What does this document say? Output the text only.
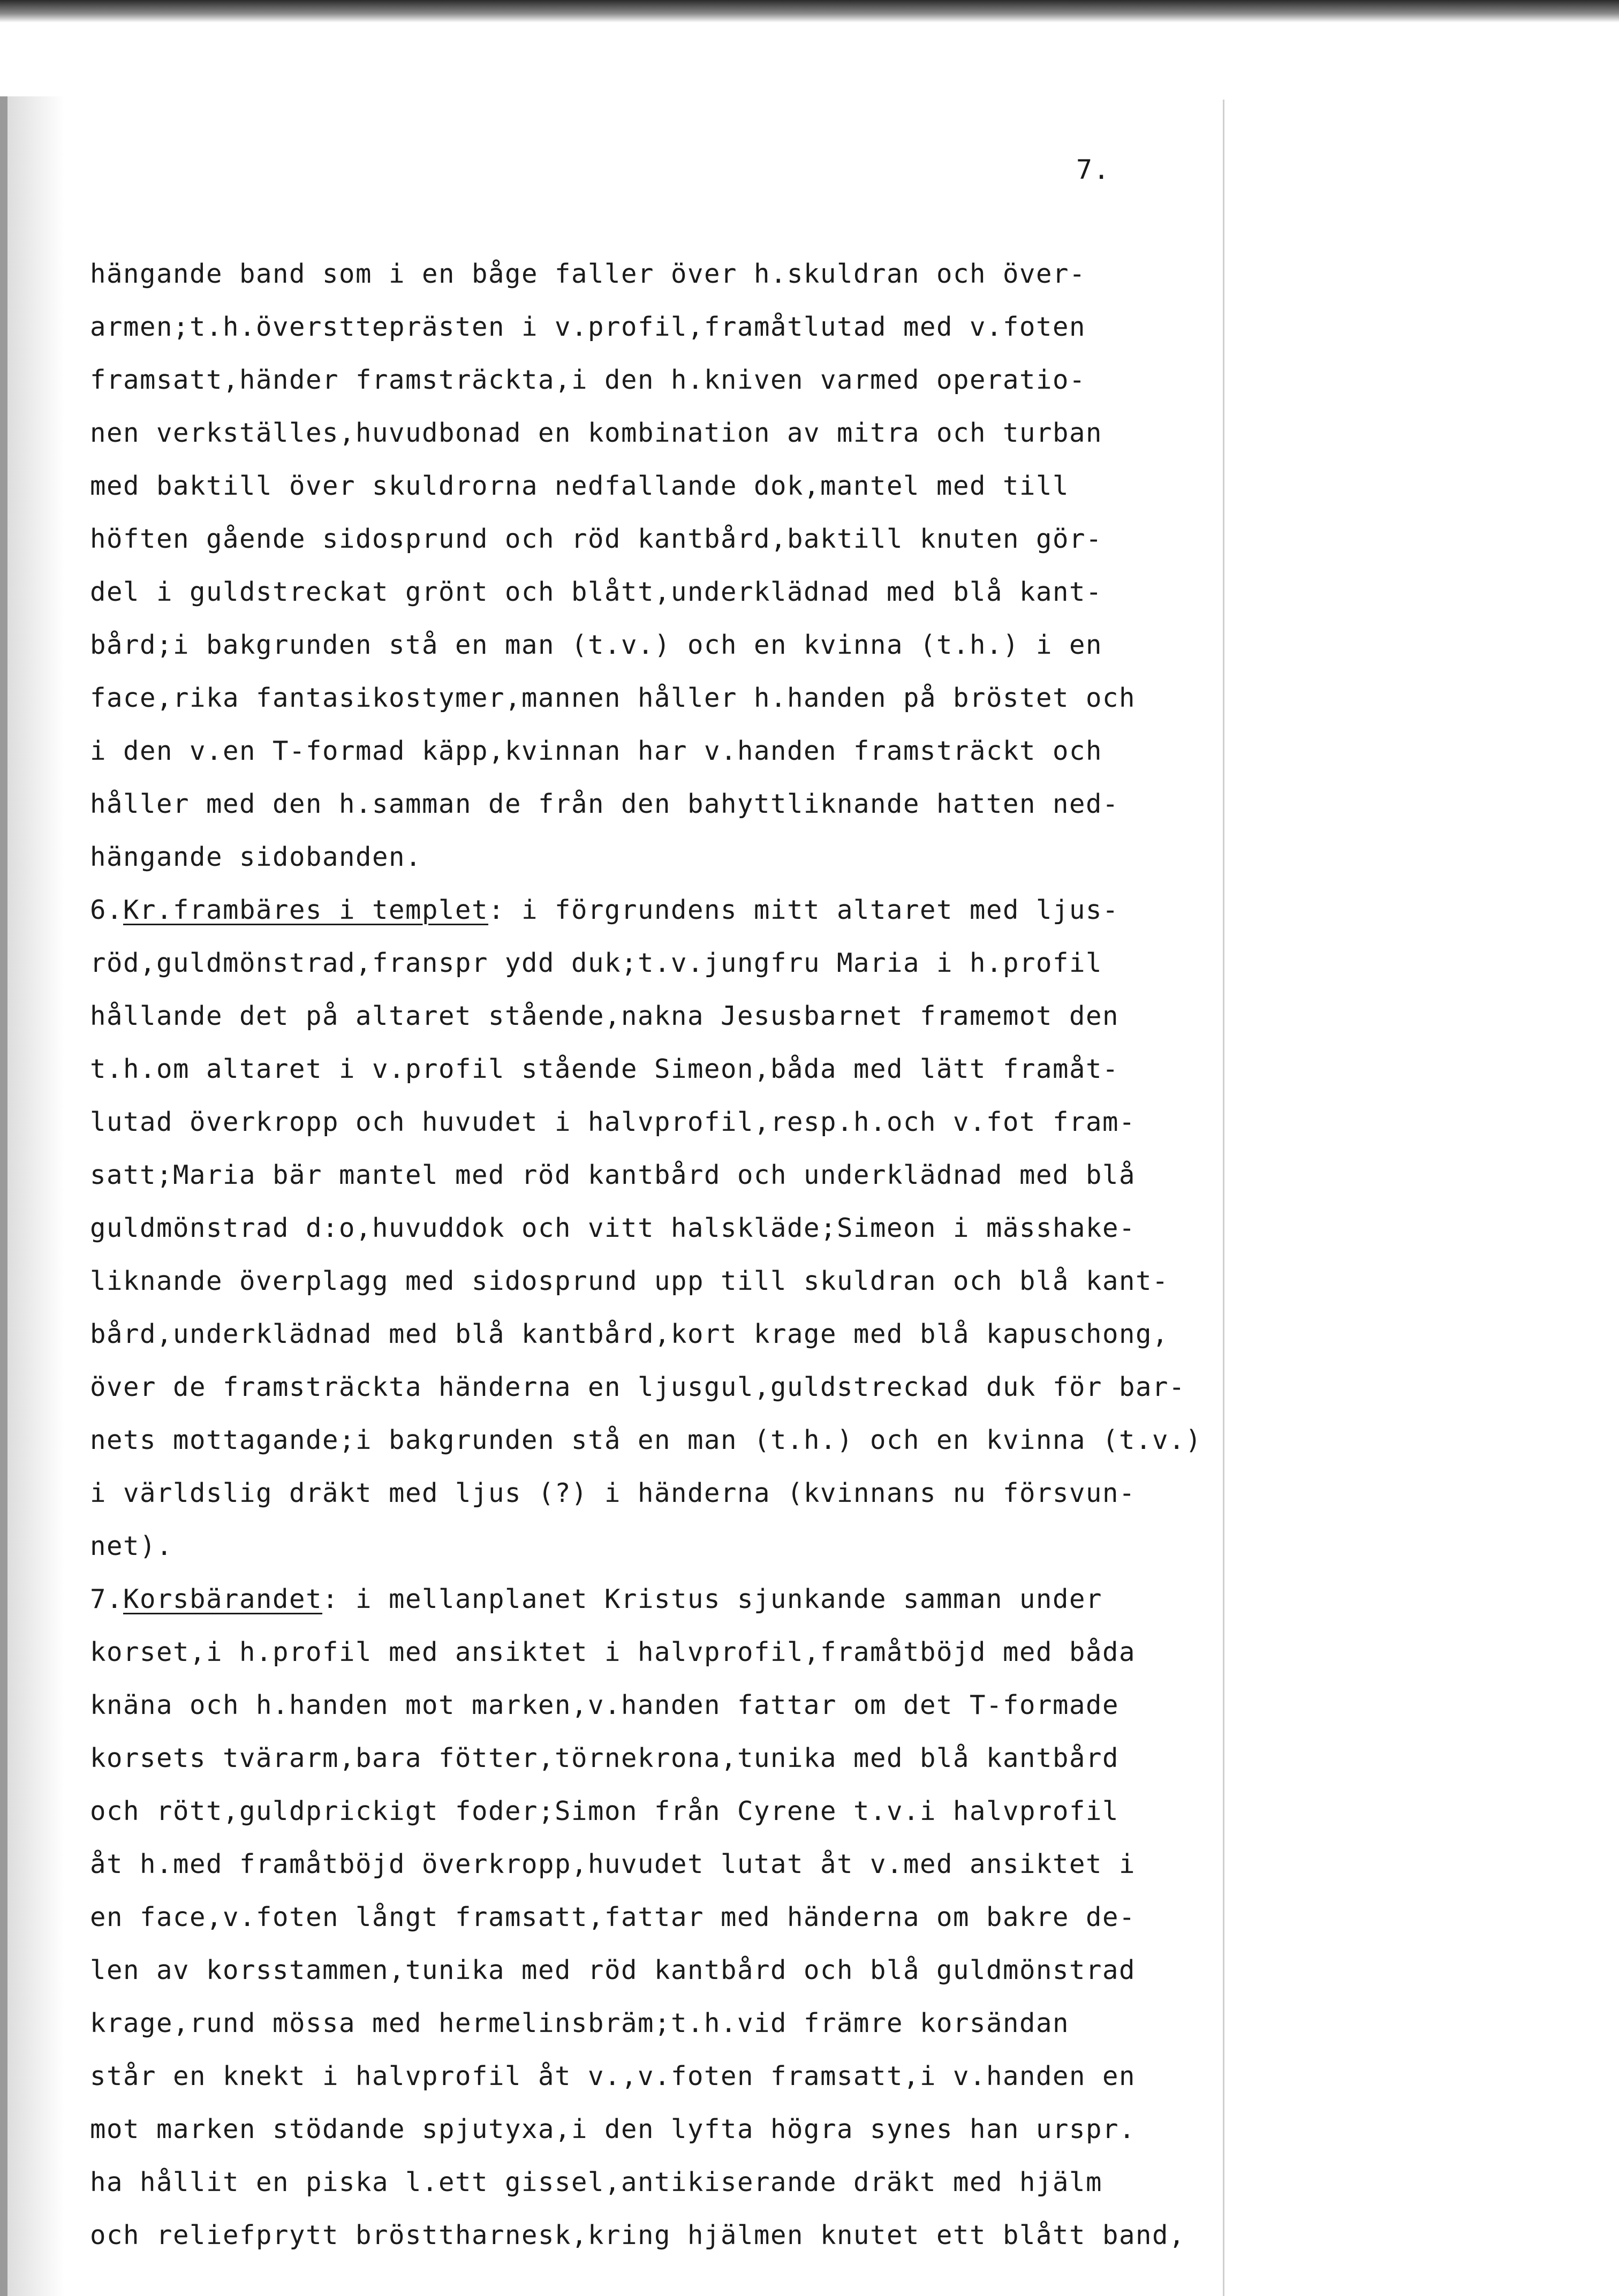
7.
hängande band som i en båge faller över h.skuldran och över-
armen;t.h.överstteprästen i v.profil,framåtlutad med v.foten
framsatt,händer framsträckta,i den h.kniven varmed operatio-
nen verkställes,huvudbonad en kombination av mitra och turban
med baktill över skuldrorna nedfallande dok,mantel med till
höften gående sidosprund och röd kantbård,baktill knuten gör-
del i guldstreckat grönt och blått,underklädnad med blå kant-
bård;i bakgrunden stå en man (t.v.) och en kvinna (t.h.) i en
face,rika fantasikostymer,mannen håller h.handen på bröstet och
i den v.en T-formad käpp,kvinnan har v.handen framsträckt och
håller med den h.samman de från den bahyttliknande hatten ned-
hängande sidobanden.
6.Kr.frambäres i templet: i förgrundens mitt altaret med ljus-
röd,guldmönstrad,franspr ydd duk;t.v.jungfru Maria i h.profil
hållande det på altaret stående,nakna Jesusbarnet framemot den
t.h.om altaret i v.profil stående Simeon,båda med lätt framåt-
lutad överkropp och huvudet i halvprofil,resp.h.och v.fot fram-
satt;Maria bär mantel med röd kantbård och underklädnad med blå
guldmönstrad d:o,huvuddok och vitt halskläde;Simeon i mässhake-
liknande överplagg med sidosprund upp till skuldran och blå kant-
bård,underklädnad med blå kantbård,kort krage med blå kapuschong,
över de framsträckta händerna en ljusgul,guldstreckad duk för bar-
nets mottagande;i bakgrunden stå en man (t.h.) och en kvinna (t.v.)
i världslig dräkt med ljus (?) i händerna (kvinnans nu försvun-
net).
7.Korsbärandet: i mellanplanet Kristus sjunkande samman under
korset,i h.profil med ansiktet i halvprofil,framåtböjd med båda
knäna och h.handen mot marken,v.handen fattar om det T-formade
korsets tvärarm,bara fötter,törnekrona,tunika med blå kantbård
och rött,guldprickigt foder;Simon från Cyrene t.v.i halvprofil
åt h.med framåtböjd överkropp,huvudet lutat åt v.med ansiktet i
en face,v.foten långt framsatt,fattar med händerna om bakre de-
len av korsstammen,tunika med röd kantbård och blå guldmönstrad
krage,rund mössa med hermelinsbräm;t.h.vid främre korsändan
står en knekt i halvprofil åt v.,v.foten framsatt,i v.handen en
mot marken stödande spjutyxa,i den lyfta högra synes han urspr.
ha hållit en piska l.ett gissel,antikiserande dräkt med hjälm
och reliefprytt brösttharnesk,kring hjälmen knutet ett blått band,
